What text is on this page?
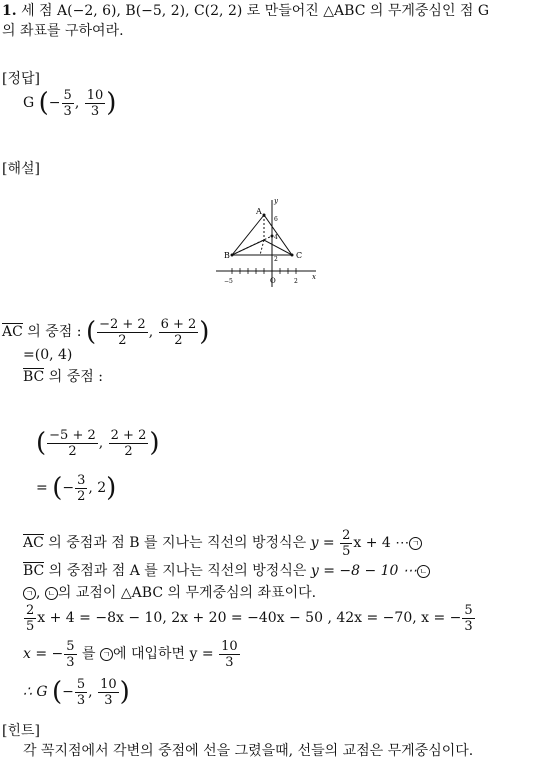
1. 세 점 A(−2, 6), B(−5, 2), C(2, 2) 로 만들어진 △ABC 의 무게중심인 점 G
의 좌표를 구하여라.
[정답]
G (− $\frac{5}{3}$ , $\frac{10}{3}$ )
[해설]
A
B	C
O	x
y
6
4
2
2
−5
AC 의 중점 : ( $\frac{-2 + 2}{2}$ , $\frac{6 + 2}{2}$ )
=(0, 4)
BC 의 중점 :
( $\frac{-5 + 2}{2}$ , $\frac{2 + 2}{2}$ )
= (− $\frac{3}{2}$ , 2)
AC 의 중점과 점 B 를 지나는 직선의 방정식은 $y = \frac{2}{5}$ x + 4 ⋯ ㄱ
BC 의 중점과 점 A 를 지나는 직선의 방정식은 y = −8 − 10 ⋯ ㄴ
ㄱ , ㄴ 의 교점이 △ABC 의 무게중심의 좌표이다.
$\frac{2}{5}$ x + 4 = −8x − 10, 2x + 20 = −40x − 50 , 42x = −70, x = − $\frac{5}{3}$
x = − $\frac{5}{3}$ 를 ㄱ 에 대입하면 $y = \frac{10}{3}$
∴ G (− $\frac{5}{3}$ , $\frac{10}{3}$ )
[힌트]
각 꼭지점에서 각변의 중점에 선을 그렸을때, 선들의 교점은 무게중심이다.
